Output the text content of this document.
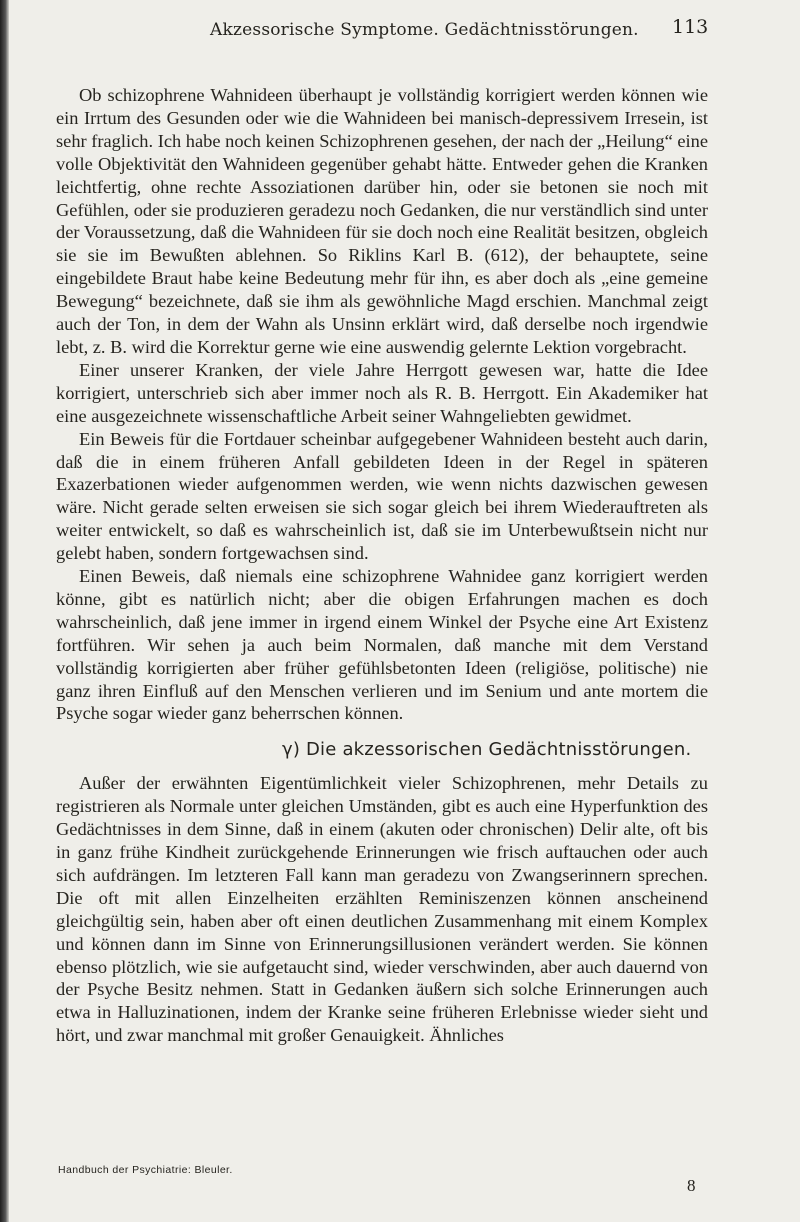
Akzessorische Symptome. Gedächtnisstörungen.	113

Ob schizophrene Wahnideen überhaupt je vollständig korrigiert werden können wie ein Irrtum des Gesunden oder wie die Wahnideen bei manisch-depressivem Irresein, ist sehr fraglich. Ich habe noch keinen Schizophrenen gesehen, der nach der „Heilung“ eine volle Objektivität den Wahnideen gegenüber gehabt hätte. Entweder gehen die Kranken leichtfertig, ohne rechte Assoziationen darüber hin, oder sie betonen sie noch mit Gefühlen, oder sie produzieren geradezu noch Gedanken, die nur verständlich sind unter der Voraussetzung, daß die Wahnideen für sie doch noch eine Realität besitzen, obgleich sie sie im Bewußten ablehnen. So Riklins Karl B. (612), der behauptete, seine eingebildete Braut habe keine Bedeutung mehr für ihn, es aber doch als „eine gemeine Bewegung“ bezeichnete, daß sie ihm als gewöhnliche Magd erschien. Manchmal zeigt auch der Ton, in dem der Wahn als Unsinn erklärt wird, daß derselbe noch irgendwie lebt, z. B. wird die Korrektur gerne wie eine auswendig gelernte Lektion vorgebracht.

Einer unserer Kranken, der viele Jahre Herrgott gewesen war, hatte die Idee korrigiert, unterschrieb sich aber immer noch als R. B. Herrgott. Ein Akademiker hat eine ausgezeichnete wissenschaftliche Arbeit seiner Wahngeliebten gewidmet.

Ein Beweis für die Fortdauer scheinbar aufgegebener Wahnideen besteht auch darin, daß die in einem früheren Anfall gebildeten Ideen in der Regel in späteren Exazerbationen wieder aufgenommen werden, wie wenn nichts dazwischen gewesen wäre. Nicht gerade selten erweisen sie sich sogar gleich bei ihrem Wiederauftreten als weiter entwickelt, so daß es wahrscheinlich ist, daß sie im Unterbewußtsein nicht nur gelebt haben, sondern fortgewachsen sind.

Einen Beweis, daß niemals eine schizophrene Wahnidee ganz korrigiert werden könne, gibt es natürlich nicht; aber die obigen Erfahrungen machen es doch wahrscheinlich, daß jene immer in irgend einem Winkel der Psyche eine Art Existenz fortführen. Wir sehen ja auch beim Normalen, daß manche mit dem Verstand vollständig korrigierten aber früher gefühlsbetonten Ideen (religiöse, politische) nie ganz ihren Einfluß auf den Menschen verlieren und im Senium und ante mortem die Psyche sogar wieder ganz beherrschen können.

γ) Die akzessorischen Gedächtnisstörungen.

Außer der erwähnten Eigentümlichkeit vieler Schizophrenen, mehr Details zu registrieren als Normale unter gleichen Umständen, gibt es auch eine Hyperfunktion des Gedächtnisses in dem Sinne, daß in einem (akuten oder chronischen) Delir alte, oft bis in ganz frühe Kindheit zurückgehende Erinnerungen wie frisch auftauchen oder auch sich aufdrängen. Im letzteren Fall kann man geradezu von Zwangserinnern sprechen. Die oft mit allen Einzelheiten erzählten Reminiszenzen können anscheinend gleichgültig sein, haben aber oft einen deutlichen Zusammenhang mit einem Komplex und können dann im Sinne von Erinnerungsillusionen verändert werden. Sie können ebenso plötzlich, wie sie aufgetaucht sind, wieder verschwinden, aber auch dauernd von der Psyche Besitz nehmen. Statt in Gedanken äußern sich solche Erinnerungen auch etwa in Halluzinationen, indem der Kranke seine früheren Erlebnisse wieder sieht und hört, und zwar manchmal mit großer Genauigkeit. Ähnliches

Handbuch der Psychiatrie: Bleuler.
8
